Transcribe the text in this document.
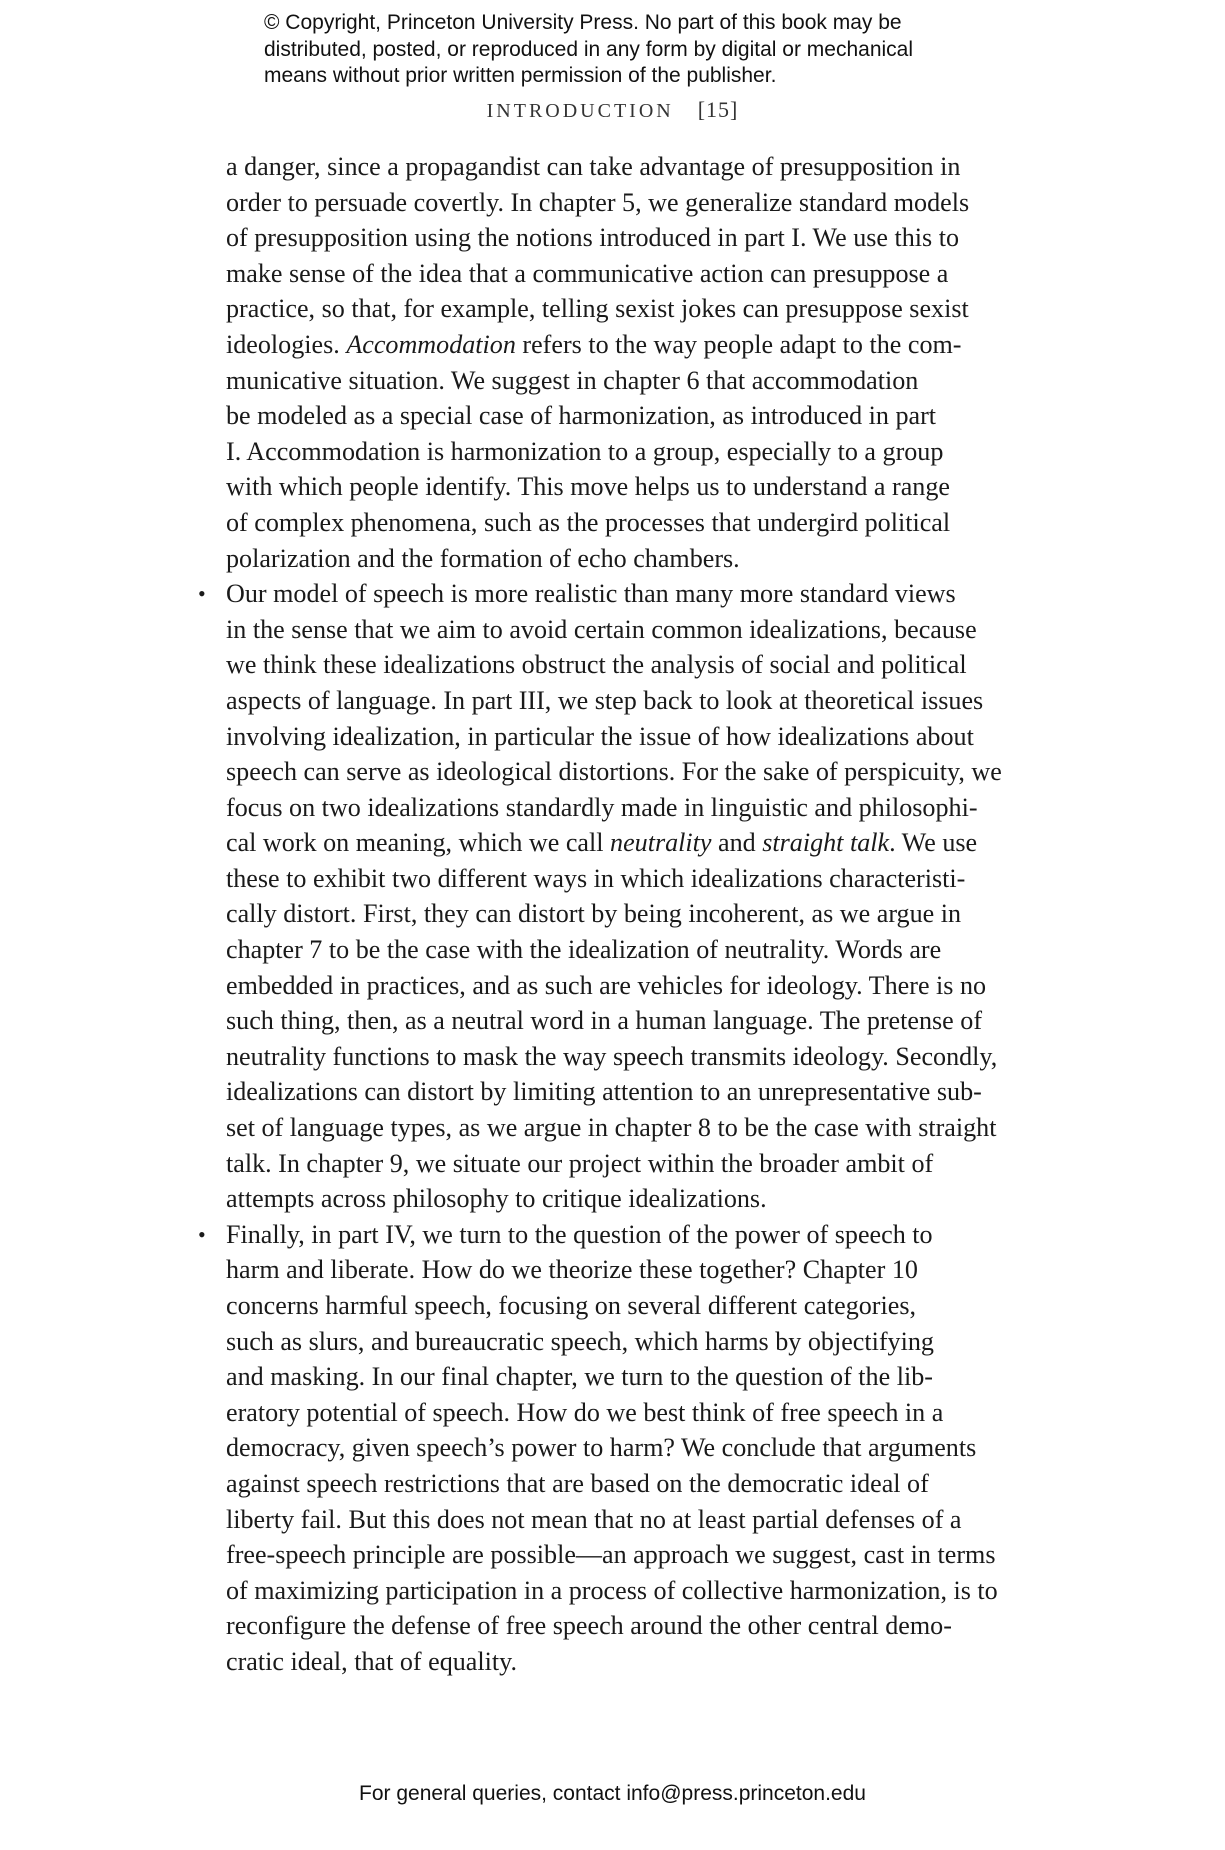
© Copyright, Princeton University Press. No part of this book may be
distributed, posted, or reproduced in any form by digital or mechanical
means without prior written permission of the publisher.
INTRODUCTION [15]
a danger, since a propagandist can take advantage of presupposition in
order to persuade covertly. In chapter 5, we generalize standard models
of presupposition using the notions introduced in part I. We use this to
make sense of the idea that a communicative action can presuppose a
practice, so that, for example, telling sexist jokes can presuppose sexist
ideologies. Accommodation refers to the way people adapt to the com-
municative situation. We suggest in chapter 6 that accommodation
be modeled as a special case of harmonization, as introduced in part
I. Accommodation is harmonization to a group, especially to a group
with which people identify. This move helps us to understand a range
of complex phenomena, such as the processes that undergird political
polarization and the formation of echo chambers.
• Our model of speech is more realistic than many more standard views
in the sense that we aim to avoid certain common idealizations, because
we think these idealizations obstruct the analysis of social and political
aspects of language. In part III, we step back to look at theoretical issues
involving idealization, in particular the issue of how idealizations about
speech can serve as ideological distortions. For the sake of perspicuity, we
focus on two idealizations standardly made in linguistic and philosophi-
cal work on meaning, which we call neutrality and straight talk. We use
these to exhibit two different ways in which idealizations characteristi-
cally distort. First, they can distort by being incoherent, as we argue in
chapter 7 to be the case with the idealization of neutrality. Words are
embedded in practices, and as such are vehicles for ideology. There is no
such thing, then, as a neutral word in a human language. The pretense of
neutrality functions to mask the way speech transmits ideology. Secondly,
idealizations can distort by limiting attention to an unrepresentative sub-
set of language types, as we argue in chapter 8 to be the case with straight
talk. In chapter 9, we situate our project within the broader ambit of
attempts across philosophy to critique idealizations.
• Finally, in part IV, we turn to the question of the power of speech to
harm and liberate. How do we theorize these together? Chapter 10
concerns harmful speech, focusing on several different categories,
such as slurs, and bureaucratic speech, which harms by objectifying
and masking. In our final chapter, we turn to the question of the lib-
eratory potential of speech. How do we best think of free speech in a
democracy, given speech’s power to harm? We conclude that arguments
against speech restrictions that are based on the democratic ideal of
liberty fail. But this does not mean that no at least partial defenses of a
free-speech principle are possible—an approach we suggest, cast in terms
of maximizing participation in a process of collective harmonization, is to
reconfigure the defense of free speech around the other central demo-
cratic ideal, that of equality.
For general queries, contact info@press.princeton.edu
